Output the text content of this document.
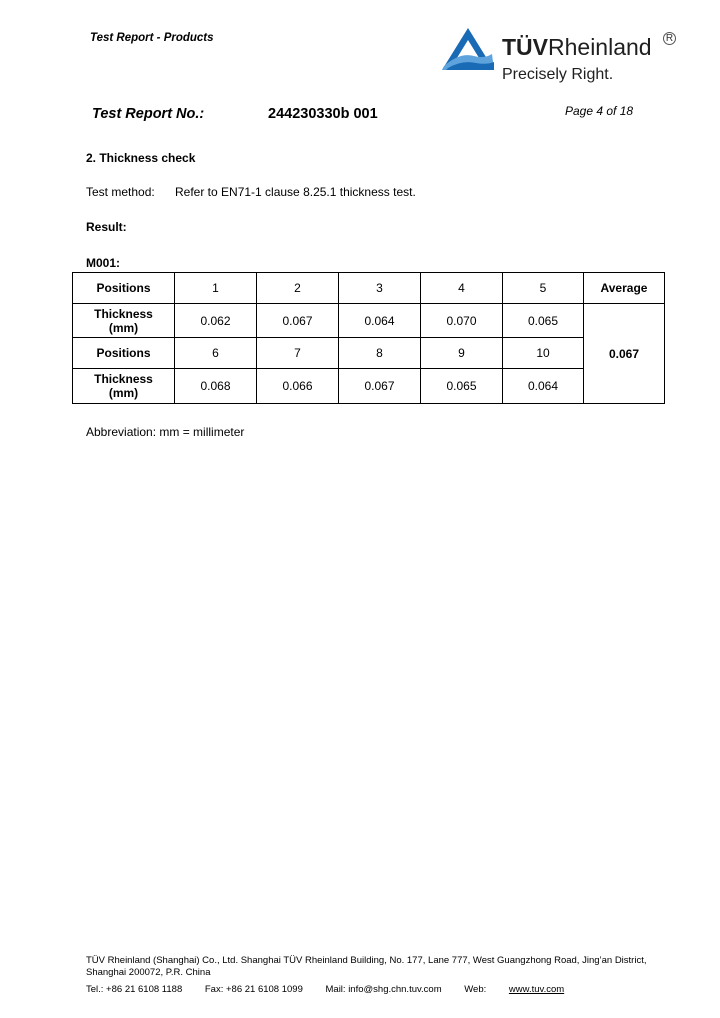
Test Report - Products	TÜVRheinland R
Precisely Right.
Test Report No.:	244230330b 001	Page 4 of 18
2. Thickness check
Test method: Refer to EN71-1 clause 8.25.1 thickness test.
Result:
M001:
Positions	1	2	3	4	5	Average
Thickness
(mm)	0.062	0.067	0.064	0.070	0.065	0.067
Positions	6	7	8	9	10	
Thickness
(mm)	0.068	0.066	0.067	0.065	0.064	
Abbreviation: mm = millimeter
TÜV Rheinland (Shanghai) Co., Ltd. Shanghai TÜV Rheinland Building, No. 177, Lane 777, West Guangzhong Road, Jing’an District,
Shanghai 200072, P.R. China
Tel.: +86 21 6108 1188 Fax: +86 21 6108 1099 Mail: info@shg.chn.tuv.com Web: www.tuv.com
